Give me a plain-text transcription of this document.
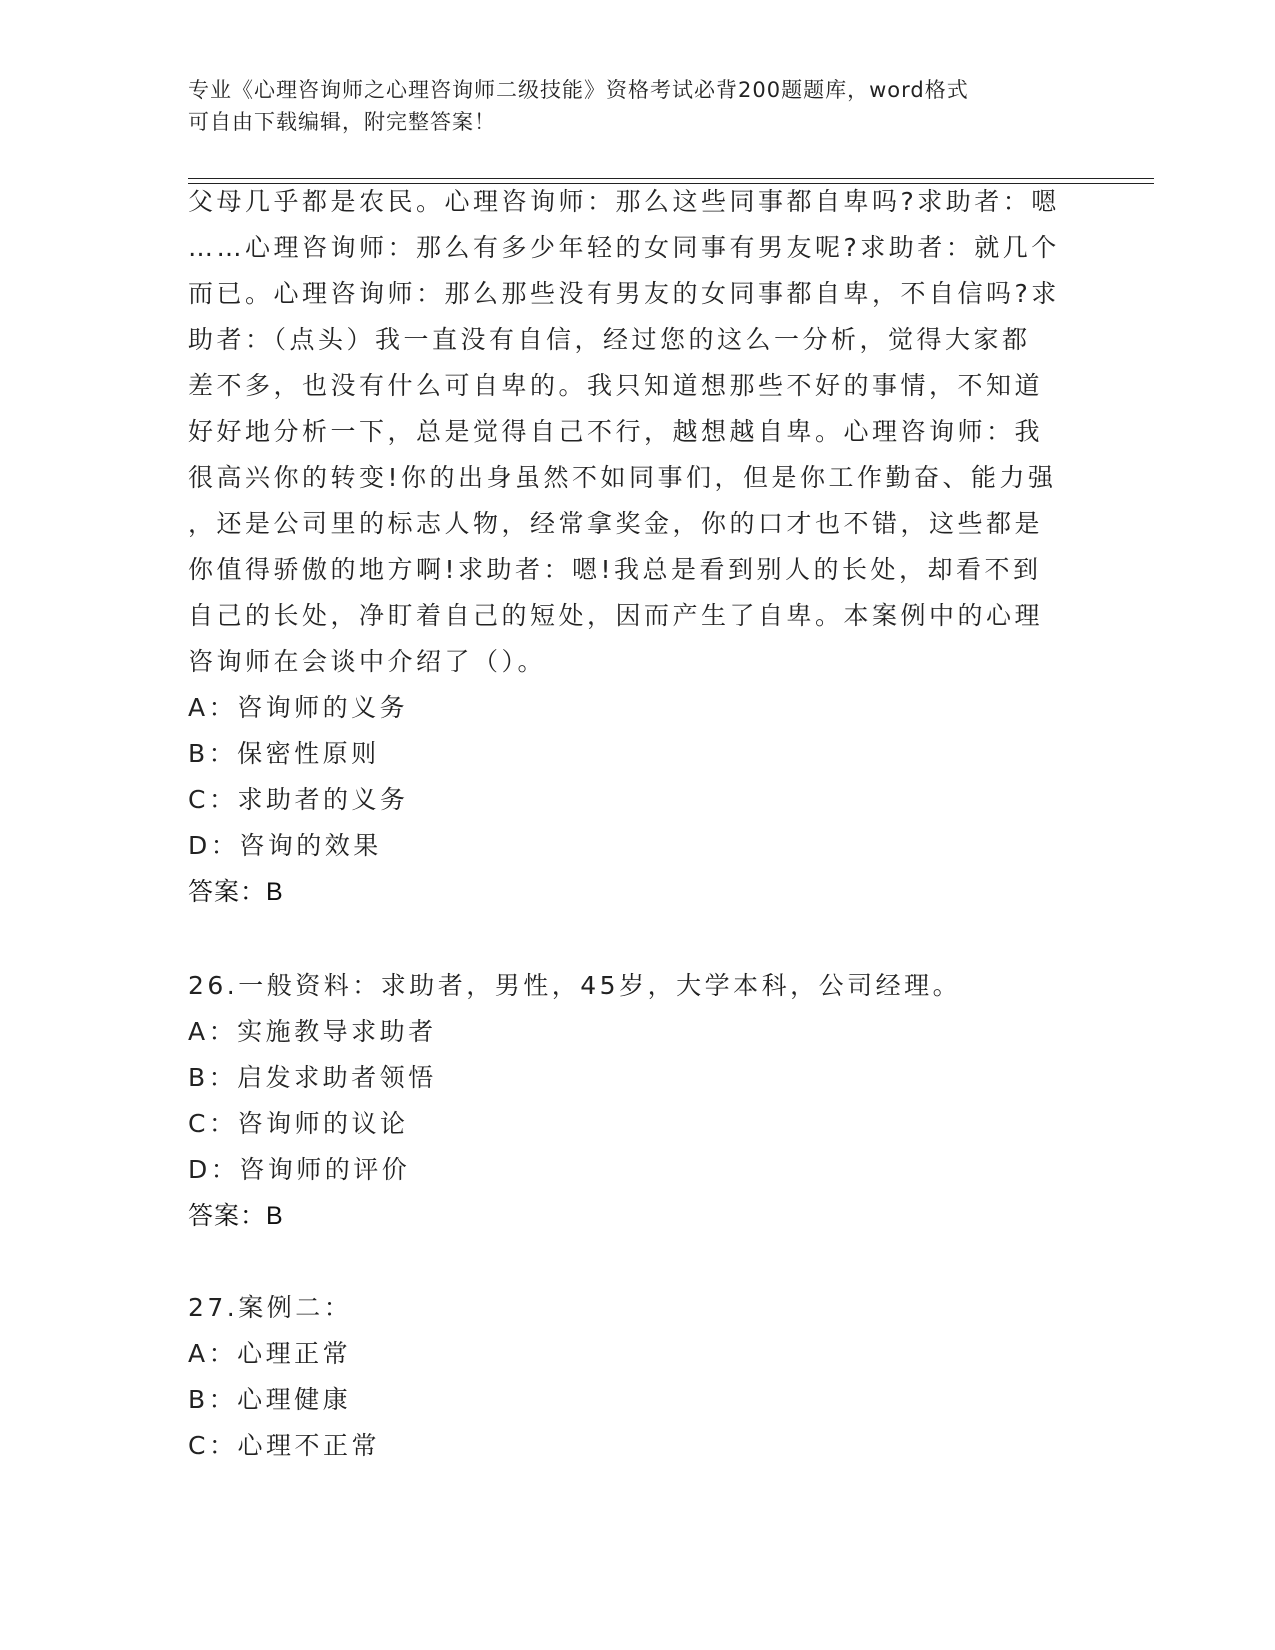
专业《心理咨询师之心理咨询师二级技能》资格考试必背200题题库，word格式
可自由下载编辑，附完整答案！
父母几乎都是农民。心理咨询师：那么这些同事都自卑吗?求助者：嗯
……心理咨询师：那么有多少年轻的女同事有男友呢?求助者：就几个
而已。心理咨询师：那么那些没有男友的女同事都自卑，不自信吗?求
助者：（点头）我一直没有自信，经过您的这么一分析，觉得大家都
差不多，也没有什么可自卑的。我只知道想那些不好的事情，不知道
好好地分析一下，总是觉得自己不行，越想越自卑。心理咨询师：我
很高兴你的转变!你的出身虽然不如同事们，但是你工作勤奋、能力强
，还是公司里的标志人物，经常拿奖金，你的口才也不错，这些都是
你值得骄傲的地方啊!求助者：嗯!我总是看到别人的长处，却看不到
自己的长处，净盯着自己的短处，因而产生了自卑。本案例中的心理
咨询师在会谈中介绍了（）。
A：咨询师的义务
B：保密性原则
C：求助者的义务
D：咨询的效果
答案：B
26.一般资料：求助者，男性，45岁，大学本科，公司经理。
A：实施教导求助者
B：启发求助者领悟
C：咨询师的议论
D：咨询师的评价
答案：B
27.案例二：
A：心理正常
B：心理健康
C：心理不正常
